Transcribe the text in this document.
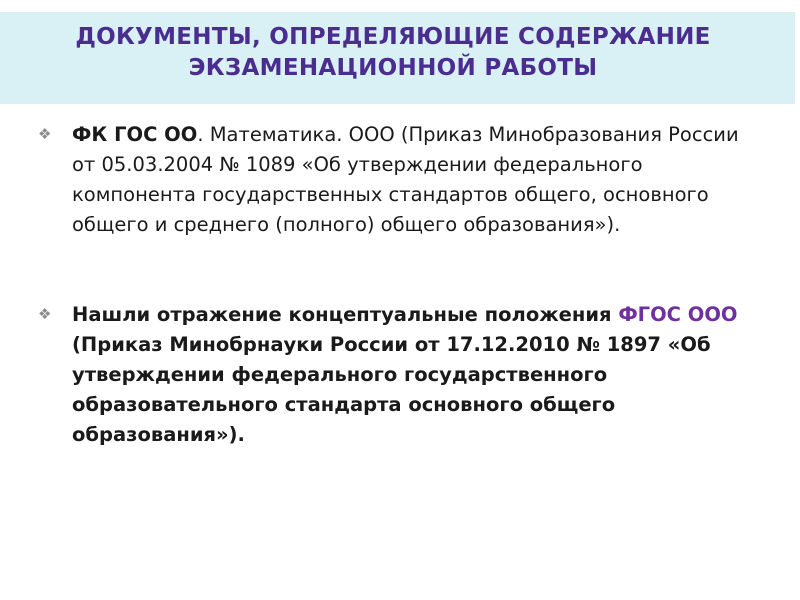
ДОКУМЕНТЫ, ОПРЕДЕЛЯЮЩИЕ СОДЕРЖАНИЕ ЭКЗАМЕНАЦИОННОЙ РАБОТЫ
❖ ФК ГОС ОО. Математика. ООО (Приказ Минобразования России от 05.03.2004 № 1089 «Об утверждении федерального компонента государственных стандартов общего, основного общего и среднего (полного) общего образования»).
❖ Нашли отражение концептуальные положения ФГОС ООО (Приказ Минобрнауки России от 17.12.2010 № 1897 «Об утверждении федерального государственного образовательного стандарта основного общего образования»).
